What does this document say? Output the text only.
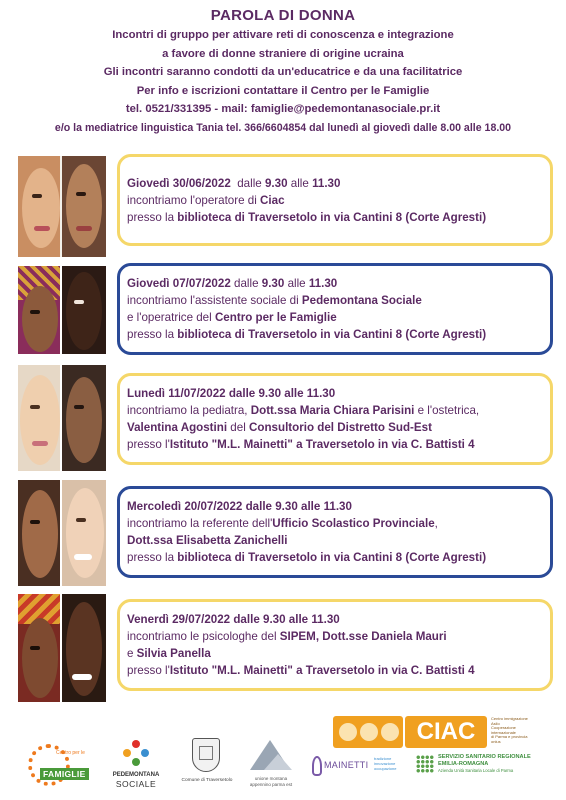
PAROLA DI DONNA
Incontri di gruppo per attivare reti di conoscenza e integrazione
a favore di donne straniere di origine ucraina
Gli incontri saranno condotti da un'educatrice e da una facilitatrice
Per info e iscrizioni contattare il Centro per le Famiglie
tel. 0521/331395 - mail: famiglie@pedemontanasociale.pr.it
e/o la mediatrice linguistica Tania tel. 366/6604854 dal lunedì al giovedì dalle 8.00 alle 18.00
Giovedì 30/06/2022 dalle 9.30 alle 11.30
incontriamo l'operatore di Ciac
presso la biblioteca di Traversetolo in via Cantini 8 (Corte Agresti)
Giovedì 07/07/2022 dalle 9.30 alle 11.30
incontriamo l'assistente sociale di Pedemontana Sociale
e l'operatrice del Centro per le Famiglie
presso la biblioteca di Traversetolo in via Cantini 8 (Corte Agresti)
Lunedì 11/07/2022 dalle 9.30 alle 11.30
incontriamo la pediatra, Dott.ssa Maria Chiara Parisini e l'ostetrica,
Valentina Agostini del Consultorio del Distretto Sud-Est
presso l'Istituto "M.L. Mainetti" a Traversetolo in via C. Battisti 4
Mercoledì 20/07/2022 dalle 9.30 alle 11.30
incontriamo la referente dell'Ufficio Scolastico Provinciale,
Dott.ssa Elisabetta Zanichelli
presso la biblioteca di Traversetolo in via Cantini 8 (Corte Agresti)
Venerdì 29/07/2022 dalle 9.30 alle 11.30
incontriamo le psicologhe del SIPEM, Dott.sse Daniela Mauri
e Silvia Panella
presso l'Istituto "M.L. Mainetti" a Traversetolo in via C. Battisti 4
CIAC	Centro immigrazione
Asilo
Cooperazione
internazionale
di Parma e provincia
onlus
Centro per le
FAMIGLIE	PEDEMONTANA
SOCIALE	Comune di Traversetolo	unione montana
appennino parma est
MAINETTI
tradizione
innovazione
occupazione
SERVIZIO SANITARIO REGIONALE
EMILIA-ROMAGNA
Azienda Unità Sanitaria Locale di Parma
